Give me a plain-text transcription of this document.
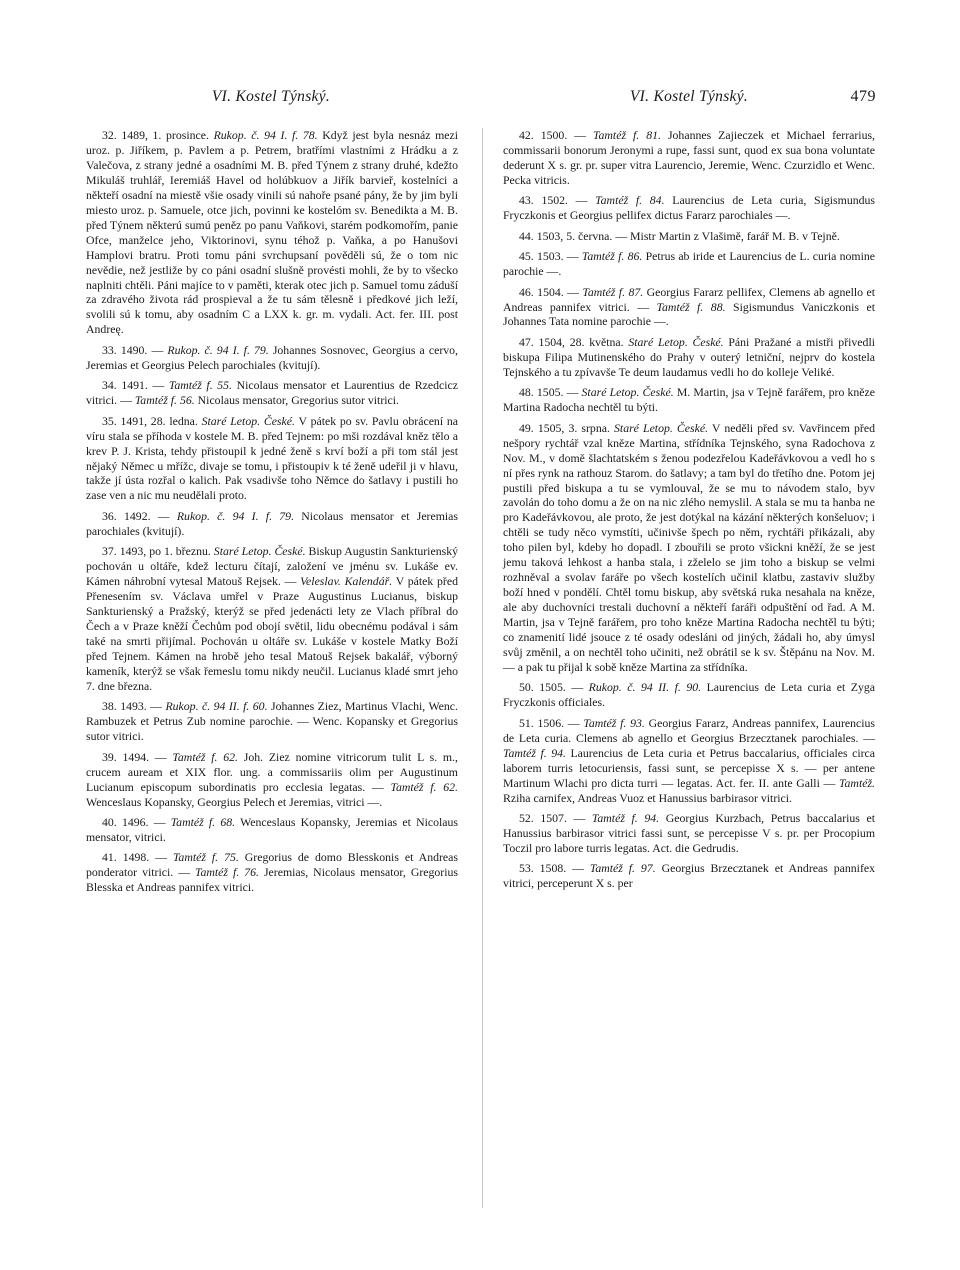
VI. Kostel Týnský.	VI. Kostel Týnský.	479

32. 1489, 1. prosince. Rukop. č. 94 I. f. 78. Když jest byla nesnáz mezi uroz. p. Jiříkem, p. Pavlem a p. Petrem, bratřími vlastními z Hrádku a z Valečova, z strany jedné a osadními M. B. před Týnem z strany druhé, kdežto Mikuláš truhlář, Ieremiáš Havel od holúbkuov a Jiřík barvieř, kostelníci a někteří osadní na miestě všie osady vinili sú nahoře psané pány, že by jim byli miesto uroz. p. Samuele, otce jich, povinni ke kostelóm sv. Benedikta a M. B. před Týnem některú sumú peněz po panu Vaňkovi, starém podkomořím, panie Ofce, manželce jeho, Viktorinovi, synu téhož p. Vaňka, a po Hanušovi Hamplovi bratru. Proti tomu páni svrchupsaní pověděli sú, že o tom nic nevědie, než jestliže by co páni osadní slušně provésti mohli, že by to všecko naplniti chtěli. Páni majíce to v paměti, kterak otec jich p. Samuel tomu záduší za zdravého života rád prospieval a že tu sám tělesně i předkové jich leží, svolili sú k tomu, aby osadním C a LXX k. gr. m. vydali. Act. fer. III. post Andreę.

33. 1490. — Rukop. č. 94 I. f. 79. Johannes Sosnovec, Georgius a cervo, Jeremias et Georgius Pelech parochiales (kvitují).

34. 1491. — Tamtéž f. 55. Nicolaus mensator et Laurentius de Rzedcicz vitrici. — Tamtéž f. 56. Nicolaus mensator, Gregorius sutor vitrici.

35. 1491, 28. ledna. Staré Letop. České. V pátek po sv. Pavlu obrácení na víru stala se příhoda v kostele M. B. před Tejnem: po mši rozdával kněz tělo a krev P. J. Krista, tehdy přistoupil k jedné ženě s krví boží a při tom stál jest nějaký Němec u mřížc, divaje se tomu, i přistoupiv k té ženě udeřil ji v hlavu, takže jí ústa rozřal o kalich. Pak vsadivše toho Němce do šatlavy i pustili ho zase ven a nic mu neudělali proto.

36. 1492. — Rukop. č. 94 I. f. 79. Nicolaus mensator et Jeremias parochiales (kvitují).

37. 1493, po 1. březnu. Staré Letop. České. Biskup Augustin Sankturienský pochován u oltáře, kdež lecturu čítají, založení ve jménu sv. Lukáše ev. Kámen náhrobní vytesal Matouš Rejsek. — Veleslav. Kalendář. V pátek před Přenesením sv. Václava umřel v Praze Augustinus Lucianus, biskup Sankturienský a Pražský, kterýž se před jedenácti lety ze Vlach příbral do Čech a v Praze kněží Čechům pod obojí světil, lidu obecnému podával i sám také na smrti přijímal. Pochován u oltáře sv. Lukáše v kostele Matky Boží před Tejnem. Kámen na hrobě jeho tesal Matouš Rejsek bakalář, výborný kameník, kterýž se však řemeslu tomu nikdy neučil. Lucianus kladé smrt jeho 7. dne března.

38. 1493. — Rukop. č. 94 II. f. 60. Johannes Ziez, Martinus Vlachi, Wenc. Rambuzek et Petrus Zub nomine parochie. — Wenc. Kopansky et Gregorius sutor vitrici.

39. 1494. — Tamtéž f. 62. Joh. Ziez nomine vitricorum tulit L s. m., crucem auream et XIX flor. ung. a commissariis olim per Augustinum Lucianum episcopum subordinatis pro ecclesia legatas. — Tamtéž f. 62. Wenceslaus Kopansky, Georgius Pelech et Jeremias, vitrici —.

40. 1496. — Tamtéž f. 68. Wenceslaus Kopansky, Jeremias et Nicolaus mensator, vitrici.

41. 1498. — Tamtéž f. 75. Gregorius de domo Blesskonis et Andreas ponderator vitrici. — Tamtéž f. 76. Jeremias, Nicolaus mensator, Gregorius Blesska et Andreas pannifex vitrici.

42. 1500. — Tamtéž f. 81. Johannes Zajieczek et Michael ferrarius, commissarii bonorum Jeronymi a rupe, fassi sunt, quod ex sua bona voluntate dederunt X s. gr. pr. super vitra Laurencio, Jeremie, Wenc. Czurzidlo et Wenc. Pecka vitricis.

43. 1502. — Tamtéž f. 84. Laurencius de Leta curia, Sigismundus Fryczkonis et Georgius pellifex dictus Fararz parochiales —.

44. 1503, 5. června. — Mistr Martin z Vlašimě, farář M. B. v Tejně.

45. 1503. — Tamtéž f. 86. Petrus ab iride et Laurencius de L. curia nomine parochie —.

46. 1504. — Tamtéž f. 87. Georgius Fararz pellifex, Clemens ab agnello et Andreas pannifex vitrici. — Tamtéž f. 88. Sigismundus Vaniczkonis et Johannes Tata nomine parochie —.

47. 1504, 28. května. Staré Letop. České. Páni Pražané a mistři přivedli biskupa Filipa Mutinenského do Prahy v outerý letniční, nejprv do kostela Tejnského a tu zpívavše Te deum laudamus vedli ho do kolleje Veliké.

48. 1505. — Staré Letop. České. M. Martin, jsa v Tejně farářem, pro kněze Martina Radocha nechtěl tu býti.

49. 1505, 3. srpna. Staré Letop. České. V neděli před sv. Vavřincem před nešpory rychtář vzal kněze Martina, střídníka Tejnského, syna Radochova z Nov. M., v domě šlachtatském s ženou podezřelou Kadeřávkovou a vedl ho s ní přes rynk na rathouz Starom. do šatlavy; a tam byl do třetího dne. Potom jej pustili před biskupa a tu se vymlouval, že se mu to návodem stalo, byv zavolán do toho domu a že on na nic zlého nemyslil. A stala se mu ta hanba ne pro Kadeřávkovou, ale proto, že jest dotýkal na kázání některých konšeluov; i chtěli se tudy něco vymstíti, učinivše špech po něm, rychtáři přikázali, aby toho pilen byl, kdeby ho dopadl. I zbouřili se proto všickni kněží, že se jest jemu taková lehkost a hanba stala, i zželelo se jim toho a biskup se velmi rozhněval a svolav faráře po všech kostelích učinil klatbu, zastaviv služby boží hned v pondělí. Chtěl tomu biskup, aby světská ruka nesahala na kněze, ale aby duchovníci trestali duchovní a někteří faráři odpuštění od řad. A M. Martin, jsa v Tejně farářem, pro toho kněze Martina Radocha nechtěl tu býti; co znamenití lidé jsouce z té osady odesláni od jiných, žádali ho, aby úmysl svůj změnil, a on nechtěl toho učiniti, než obrátil se k sv. Štěpánu na Nov. M. — a pak tu přijal k sobě kněze Martina za střídníka.

50. 1505. — Rukop. č. 94 II. f. 90. Laurencius de Leta curia et Zyga Fryczkonis officiales.

51. 1506. — Tamtéž f. 93. Georgius Fararz, Andreas pannifex, Laurencius de Leta curia. Clemens ab agnello et Georgius Brzecztanek parochiales. — Tamtéž f. 94. Laurencius de Leta curia et Petrus baccalarius, officiales circa laborem turris letocuriensis, fassi sunt, se percepisse X s. — per antene Martinum Wlachi pro dicta turri — legatas. Act. fer. II. ante Galli — Tamtéž. Rziha carnifex, Andreas Vuoz et Hanussius barbirasor vitrici.

52. 1507. — Tamtéž f. 94. Georgius Kurzbach, Petrus baccalarius et Hanussius barbirasor vitrici fassi sunt, se percepisse V s. pr. per Procopium Toczil pro labore turris legatas. Act. die Gedrudis.

53. 1508. — Tamtéž f. 97. Georgius Brzecztanek et Andreas pannifex vitrici, perceperunt X s. per
